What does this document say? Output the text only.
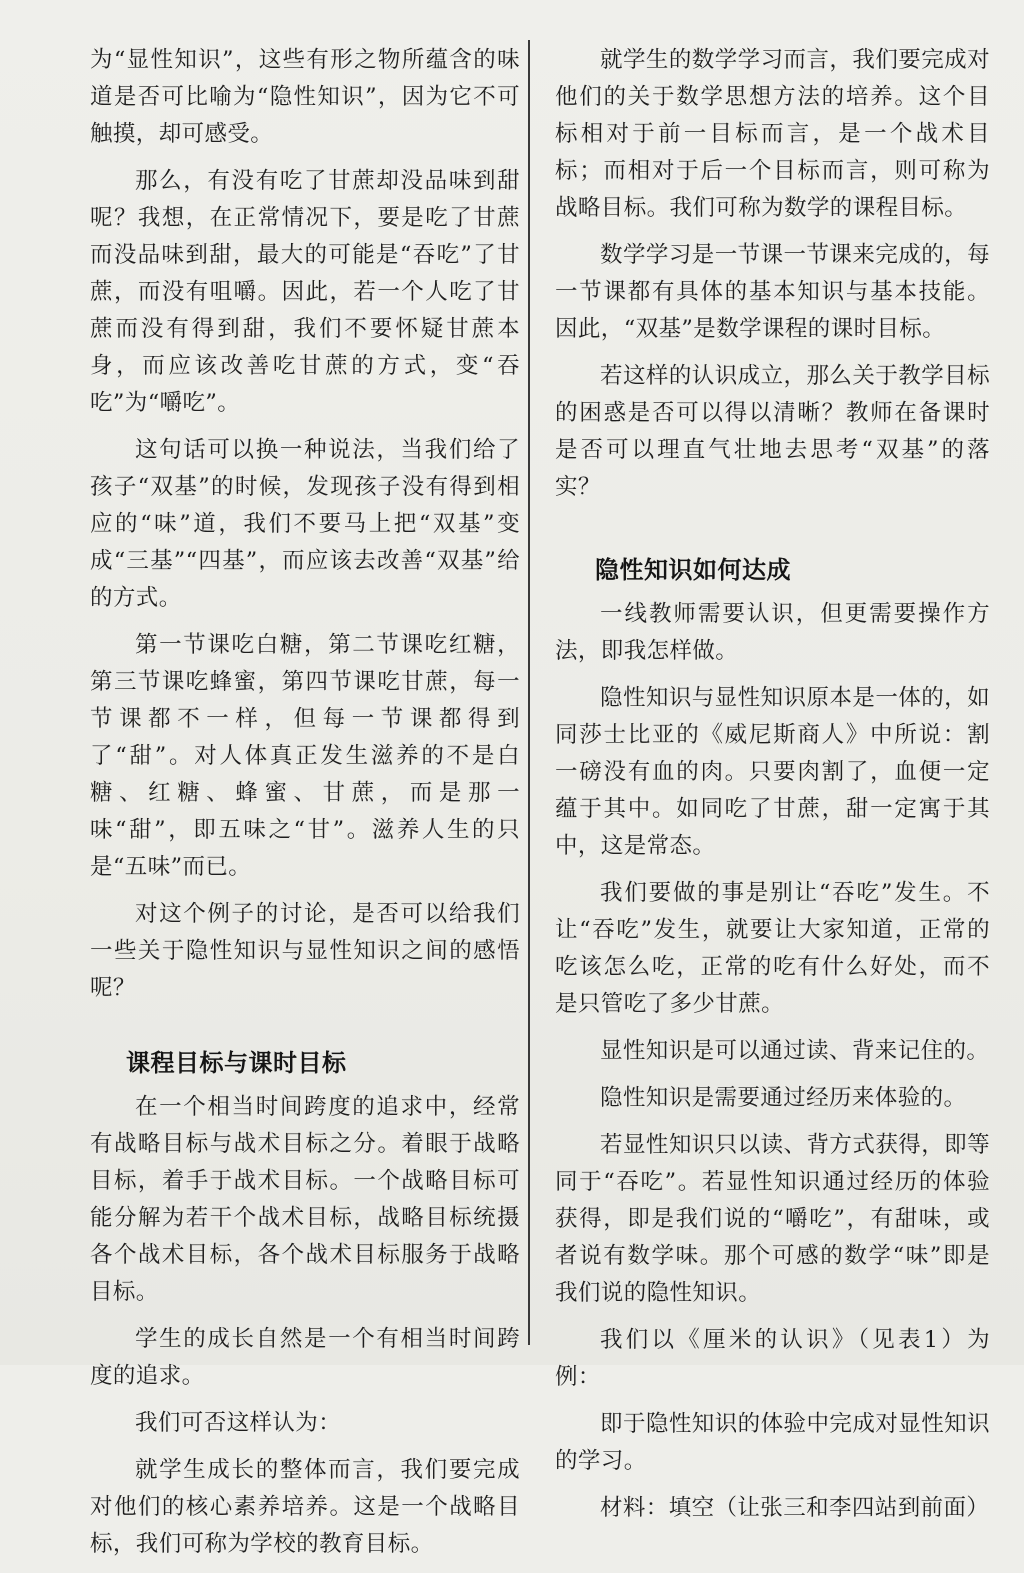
为“显性知识”，这些有形之物所蕴含的味道是否可比喻为“隐性知识”，因为它不可触摸，却可感受。

那么，有没有吃了甘蔗却没品味到甜呢？我想，在正常情况下，要是吃了甘蔗而没品味到甜，最大的可能是“吞吃”了甘蔗，而没有咀嚼。因此，若一个人吃了甘蔗而没有得到甜，我们不要怀疑甘蔗本身，而应该改善吃甘蔗的方式，变“吞吃”为“嚼吃”。

这句话可以换一种说法，当我们给了孩子“双基”的时候，发现孩子没有得到相应的“味”道，我们不要马上把“双基”变成“三基”“四基”，而应该去改善“双基”给的方式。

第一节课吃白糖，第二节课吃红糖，第三节课吃蜂蜜，第四节课吃甘蔗，每一节课都不一样，但每一节课都得到了“甜”。对人体真正发生滋养的不是白糖、红糖、蜂蜜、甘蔗，而是那一味“甜”，即五味之“甘”。滋养人生的只是“五味”而已。

对这个例子的讨论，是否可以给我们一些关于隐性知识与显性知识之间的感悟呢？

课程目标与课时目标

在一个相当时间跨度的追求中，经常有战略目标与战术目标之分。着眼于战略目标，着手于战术目标。一个战略目标可能分解为若干个战术目标，战略目标统摄各个战术目标，各个战术目标服务于战略目标。

学生的成长自然是一个有相当时间跨度的追求。

我们可否这样认为：

就学生成长的整体而言，我们要完成对他们的核心素养培养。这是一个战略目标，我们可称为学校的教育目标。

就学生的数学学习而言，我们要完成对他们的关于数学思想方法的培养。这个目标相对于前一目标而言，是一个战术目标；而相对于后一个目标而言，则可称为战略目标。我们可称为数学的课程目标。

数学学习是一节课一节课来完成的，每一节课都有具体的基本知识与基本技能。因此，“双基”是数学课程的课时目标。

若这样的认识成立，那么关于教学目标的困惑是否可以得以清晰？教师在备课时是否可以理直气壮地去思考“双基”的落实？

隐性知识如何达成

一线教师需要认识，但更需要操作方法，即我怎样做。

隐性知识与显性知识原本是一体的，如同莎士比亚的《威尼斯商人》中所说：割一磅没有血的肉。只要肉割了，血便一定蕴于其中。如同吃了甘蔗，甜一定寓于其中，这是常态。

我们要做的事是别让“吞吃”发生。不让“吞吃”发生，就要让大家知道，正常的吃该怎么吃，正常的吃有什么好处，而不是只管吃了多少甘蔗。

显性知识是可以通过读、背来记住的。

隐性知识是需要通过经历来体验的。

若显性知识只以读、背方式获得，即等同于“吞吃”。若显性知识通过经历的体验获得，即是我们说的“嚼吃”，有甜味，或者说有数学味。那个可感的数学“味”即是我们说的隐性知识。

我们以《厘米的认识》（见表1）为例：

即于隐性知识的体验中完成对显性知识的学习。

材料：填空（让张三和李四站到前面）
